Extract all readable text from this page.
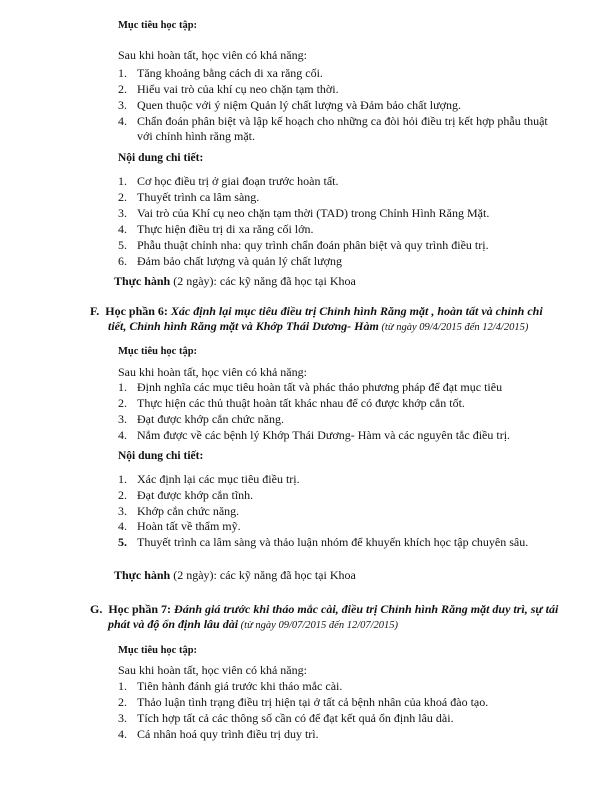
Mục tiêu học tập:
Sau khi hoàn tất, học viên có khả năng:
1. Tăng khoảng bằng cách di xa răng cối.
2. Hiểu vai trò của khí cụ neo chặn tạm thời.
3. Quen thuộc với ý niệm Quản lý chất lượng và Đảm bảo chất lượng.
4. Chẩn đoán phân biệt và lập kế hoạch cho những ca đòi hỏi điều trị kết hợp phẫu thuật
với chỉnh hình răng mặt.
Nội dung chi tiết:
1. Cơ học điều trị ở giai đoạn trước hoàn tất.
2. Thuyết trình ca lâm sàng.
3. Vai trò của Khí cụ neo chặn tạm thời (TAD) trong Chỉnh Hình Răng Mặt.
4. Thực hiện điều trị di xa răng cối lớn.
5. Phẫu thuật chỉnh nha: quy trình chẩn đoán phân biệt và quy trình điều trị.
6. Đảm bảo chất lượng và quản lý chất lượng
Thực hành (2 ngày): các kỹ năng đã học tại Khoa
F. Học phần 6: Xác định lại mục tiêu điều trị Chỉnh hình Răng mặt , hoàn tất và chỉnh chi
tiết, Chỉnh hình Răng mặt và Khớp Thái Dương- Hàm (từ ngày 09/4/2015 đến 12/4/2015)
Mục tiêu học tập:
Sau khi hoàn tất, học viên có khả năng:
1. Định nghĩa các mục tiêu hoàn tất và phác thảo phương pháp để đạt mục tiêu
2. Thực hiện các thủ thuật hoàn tất khác nhau để có được khớp cắn tốt.
3. Đạt được khớp cắn chức năng.
4. Nắm được về các bệnh lý Khớp Thái Dương- Hàm và các nguyên tắc điều trị.
Nội dung chi tiết:
1. Xác định lại các mục tiêu điều trị.
2. Đạt được khớp cắn tĩnh.
3. Khớp cắn chức năng.
4. Hoàn tất về thẩm mỹ.
5. Thuyết trình ca lâm sàng và thảo luận nhóm để khuyến khích học tập chuyên sâu.
Thực hành (2 ngày): các kỹ năng đã học tại Khoa
G. Học phần 7: Đánh giá trước khi tháo mắc cài, điều trị Chỉnh hình Răng mặt duy trì, sự tái
phát và độ ổn định lâu dài (từ ngày 09/07/2015 đến 12/07/2015)
Mục tiêu học tập:
Sau khi hoàn tất, học viên có khả năng:
1. Tiên hành đánh giá trước khi tháo mắc cài.
2. Thảo luận tình trạng điều trị hiện tại ở tất cả bệnh nhân của khoá đào tạo.
3. Tích hợp tất cả các thông số cần có để đạt kết quả ổn định lâu dài.
4. Cá nhân hoá quy trình điều trị duy trì.
